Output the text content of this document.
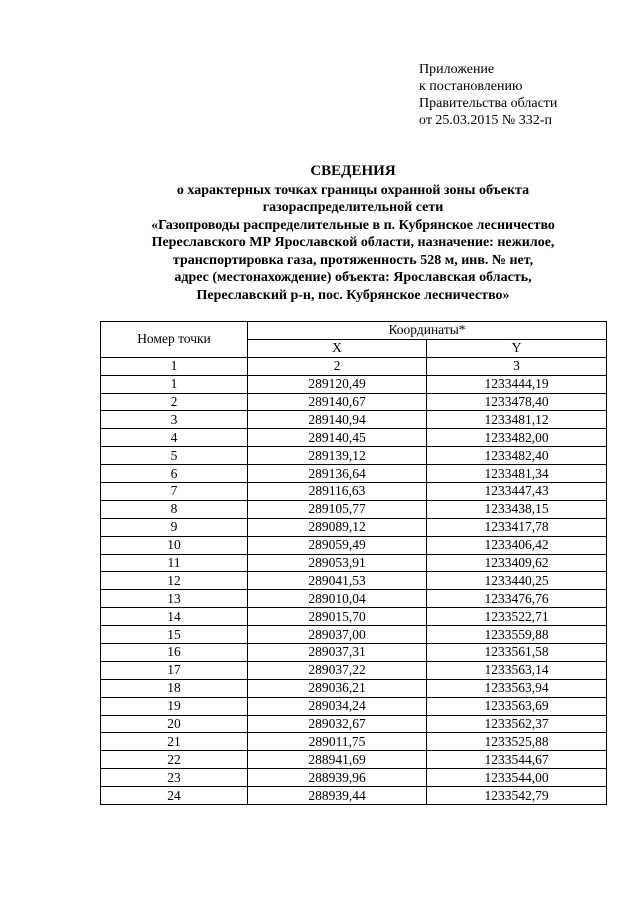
Приложение
к постановлению
Правительства области
от 25.03.2015 № 332-п
СВЕДЕНИЯ
о характерных точках границы охранной зоны объекта
газораспределительной сети
«Газопроводы распределительные в п. Кубрянское лесничество
Переславского МР Ярославской области, назначение: нежилое,
транспортировка газа, протяженность 528 м, инв. № нет,
адрес (местонахождение) объекта: Ярославская область,
Переславский р-н, пос. Кубрянское лесничество»
Номер точки	Координаты*	
	X	Y
1	2	3
1	289120,49	1233444,19
2	289140,67	1233478,40
3	289140,94	1233481,12
4	289140,45	1233482,00
5	289139,12	1233482,40
6	289136,64	1233481,34
7	289116,63	1233447,43
8	289105,77	1233438,15
9	289089,12	1233417,78
10	289059,49	1233406,42
11	289053,91	1233409,62
12	289041,53	1233440,25
13	289010,04	1233476,76
14	289015,70	1233522,71
15	289037,00	1233559,88
16	289037,31	1233561,58
17	289037,22	1233563,14
18	289036,21	1233563,94
19	289034,24	1233563,69
20	289032,67	1233562,37
21	289011,75	1233525,88
22	288941,69	1233544,67
23	288939,96	1233544,00
24	288939,44	1233542,79
